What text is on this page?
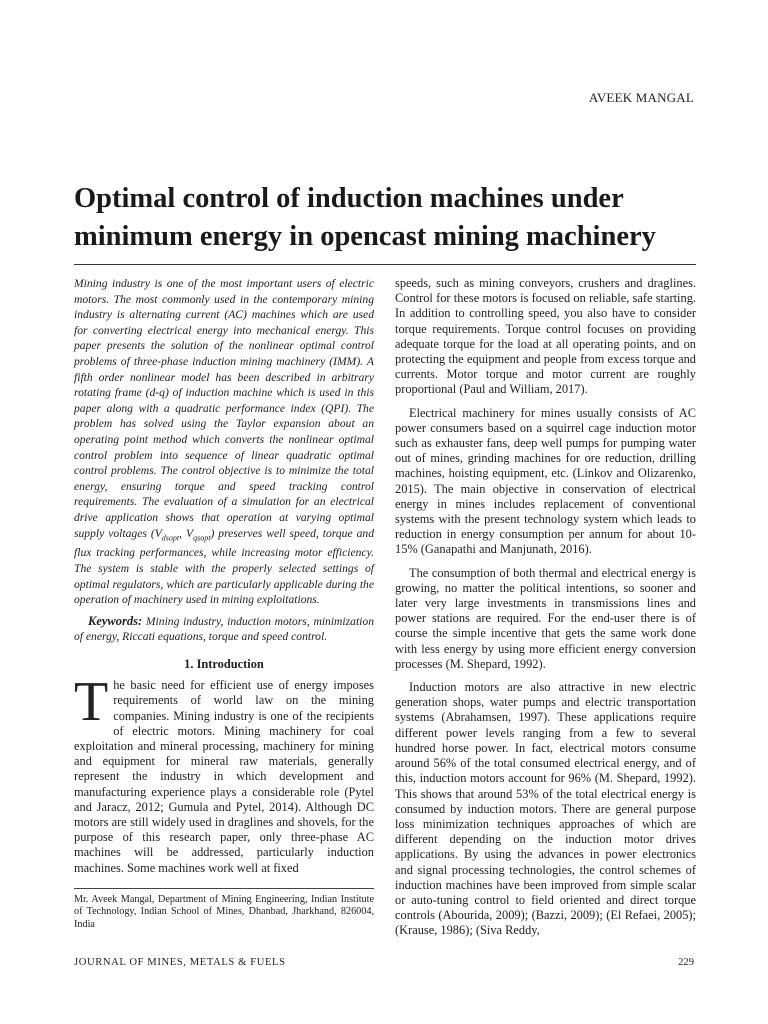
AVEEK MANGAL
Optimal control of induction machines under minimum energy in opencast mining machinery

Mining industry is one of the most important users of electric motors. The most commonly used in the contemporary mining industry is alternating current (AC) machines which are used for converting electrical energy into mechanical energy. This paper presents the solution of the nonlinear optimal control problems of three-phase induction mining machinery (IMM). A fifth order nonlinear model has been described in arbitrary rotating frame (d-q) of induction machine which is used in this paper along with a quadratic performance index (QPI). The problem has solved using the Taylor expansion about an operating point method which converts the nonlinear optimal control problem into sequence of linear quadratic optimal control problems. The control objective is to minimize the total energy, ensuring torque and speed tracking control requirements. The evaluation of a simulation for an electrical drive application shows that operation at varying optimal supply voltages ($V_{dsopt}$, $V_{qsopt}$) preserves well speed, torque and flux tracking performances, while increasing motor efficiency. The system is stable with the properly selected settings of optimal regulators, which are particularly applicable during the operation of machinery used in mining exploitations.

Keywords: Mining industry, induction motors, minimization of energy, Riccati equations, torque and speed control.

1. Introduction

The basic need for efficient use of energy imposes requirements of world law on the mining companies. Mining industry is one of the recipients of electric motors. Mining machinery for coal exploitation and mineral processing, machinery for mining and equipment for mineral raw materials, generally represent the industry in which development and manufacturing experience plays a considerable role (Pytel and Jaracz, 2012; Gumula and Pytel, 2014). Although DC motors are still widely used in draglines and shovels, for the purpose of this research paper, only three-phase AC machines will be addressed, particularly induction machines. Some machines work well at fixed

speeds, such as mining conveyors, crushers and draglines. Control for these motors is focused on reliable, safe starting. In addition to controlling speed, you also have to consider torque requirements. Torque control focuses on providing adequate torque for the load at all operating points, and on protecting the equipment and people from excess torque and currents. Motor torque and motor current are roughly proportional (Paul and William, 2017).

Electrical machinery for mines usually consists of AC power consumers based on a squirrel cage induction motor such as exhauster fans, deep well pumps for pumping water out of mines, grinding machines for ore reduction, drilling machines, hoisting equipment, etc. (Linkov and Olizarenko, 2015). The main objective in conservation of electrical energy in mines includes replacement of conventional systems with the present technology system which leads to reduction in energy consumption per annum for about 10-15% (Ganapathi and Manjunath, 2016).

The consumption of both thermal and electrical energy is growing, no matter the political intentions, so sooner and later very large investments in transmissions lines and power stations are required. For the end-user there is of course the simple incentive that gets the same work done with less energy by using more efficient energy conversion processes (M. Shepard, 1992).

Induction motors are also attractive in new electric generation shops, water pumps and electric transportation systems (Abrahamsen, 1997). These applications require different power levels ranging from a few to several hundred horse power. In fact, electrical motors consume around 56% of the total consumed electrical energy, and of this, induction motors account for 96% (M. Shepard, 1992). This shows that around 53% of the total electrical energy is consumed by induction motors. There are general purpose loss minimization techniques approaches of which are different depending on the induction motor drives applications. By using the advances in power electronics and signal processing technologies, the control schemes of induction machines have been improved from simple scalar or auto-tuning control to field oriented and direct torque controls (Abourida, 2009); (Bazzi, 2009); (El Refaei, 2005); (Krause, 1986); (Siva Reddy,

Mr. Aveek Mangal, Department of Mining Engineering, Indian Institute of Technology, Indian School of Mines, Dhanbad, Jharkhand, 826004, India

JOURNAL OF MINES, METALS & FUELS	229
